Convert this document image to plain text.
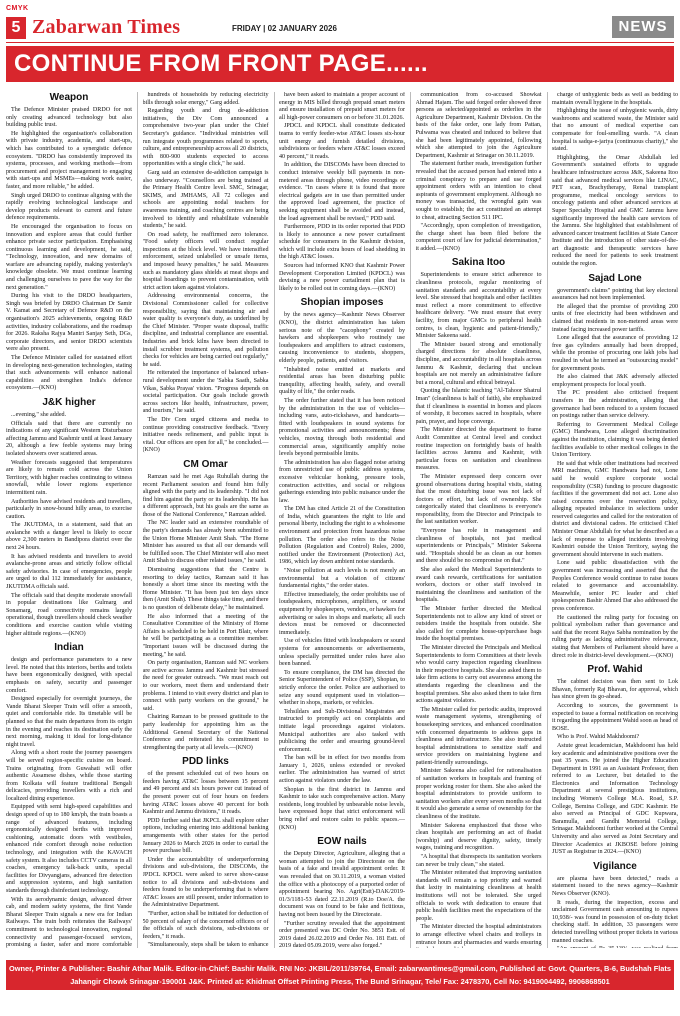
CMYK
5 Zabarwan Times	FRIDAY | 02 JANUARY 2026	NEWS
CONTINUE FROM FRONT PAGE......
Weapon

The Defence Minister praised DRDO for not only creating advanced technology but also building public trust.

He highlighted the organisation's collaboration with private industry, academia, and start-ups, which has contributed to a synergistic defence ecosystem. "DRDO has consistently improved its systems, processes, and working methods—from procurement and project management to engaging with start-ups and MSMEs—making work easier, faster, and more reliable," he added.

Singh urged DRDO to continue aligning with the rapidly evolving technological landscape and develop products relevant to current and future defence requirements.

He encouraged the organisation to focus on innovation and explore areas that could further enhance private sector participation. Emphasising continuous learning and development, he said, "Technology, innovation, and new domains of warfare are advancing rapidly, making yesterday's knowledge obsolete. We must continue learning and challenging ourselves to pave the way for the next generation."

During his visit to the DRDO headquarters, Singh was briefed by DRDO Chairman Dr Samir V. Kamat and Secretary of Defence R&D on the organisation's 2025 achievements, ongoing R&D activities, industry collaborations, and the roadmap for 2026. Raksha Rajya Mantri Sanjay Seth, DGs, corporate directors, and senior DRDO scientists were also present.

The Defence Minister called for sustained effort in developing next-generation technologies, stating that such advancements will enhance national capabilities and strengthen India's defence ecosystem.—(KNO)

J&K higher

...evening," she added.

Officials said that there are currently no indications of any significant Western Disturbance affecting Jammu and Kashmir until at least January 20, although a few feeble systems may bring isolated showers over scattered areas.

Weather forecasts suggested that temperatures are likely to remain cold across the Union Territory, with higher reaches continuing to witness snowfall, while lower regions experience intermittent rain.

Authorities have advised residents and travellers, particularly in snow-bound hilly areas, to exercise caution.

The JKUTDMA, in a statement, said that an avalanche with a danger level is likely to occur above 2,300 meters in Bandipora district over the next 24 hours.

It has advised residents and travellers to avoid avalanche-prone areas and strictly follow official safety advisories. In case of emergencies, people are urged to dial 112 immediately for assistance, JKUTDMA officials said.

The officials said that despite moderate snowfall in popular destinations like Gulmarg and Sonamarg, road connectivity remains largely operational, though travellers should check weather conditions and exercise caution while visiting higher altitude regions.—(KNO)

Indian

design and performance parameters to a new level. He noted that this interiors, berths and toilets have been ergonomically designed, with special emphasis on safety, security and passenger comfort.

Designed especially for overnight journeys, the Vande Bharat Sleeper Train will offer a smooth, quiet and comfortable ride. Its timetable will be planned so that the main departures from its origin in the evening and reaches its destination early the next morning, making it ideal for long-distance night travel.

Along with a short route the journey passengers will be served region-specific cuisine on board. Trains originating from Guwahati will offer authentic Assamese dishes, while those starting from Kolkata will feature traditional Bengali delicacies, providing travellers with a rich and localized dining experience.

Equipped with semi high-speed capabilities and design speed of up to 180 km/ph, the train boasts a range of advanced features, including ergonomically designed berths with improved cushioning, automatic doors with vestibules, enhanced ride comfort through noise reduction technology, and integration with the KAVACH safety system. It also includes CCTV cameras in all coaches, emergency talk-back units, special facilities for Divyangjans, advanced fire detection and suppression systems, and high sanitation standards through disinfectant technology.

With its aerodynamic design, advanced driver cab, and modern safety systems, the first Vande Bharat Sleeper Train signals a new era for Indian Railways. The train both reiterates the Railways' commitment to technological innovation, regional connectivity and passenger-focused services, promising a faster, safer and more comfortable

hundreds of households by reducing electricity bills through solar energy," Garg added.

Regarding youth and drug de-addiction initiatives, the Div Com announced a comprehensive two-year plan under the Chief Secretary's guidance. "Individual ministries will run integrate youth programmes related to sports, culture, and entrepreneurship across all 20 districts, with 800-900 students expected to access opportunities with a single click," he said.

Garg said an extensive de-addiction campaign is also underway. "Counsellors are being trained at the Primary Health Centre level. SMC, Srinagar, SKIMS, and JMHAMS, All 72 colleges and schools are appointing nodal teachers for awareness training, and coaching centres are being involved to identify and rehabilitate vulnerable students," he said.

On road safety, he reaffirmed zero tolerance. "Food safety officers will conduct regular inspections at the block level. We have intensified enforcement, seized unlabelled or unsafe items, and imposed heavy penalties," he said. Measures such as mandatory glass shields at meat shops and hospital hoardings to prevent contamination, with strict action taken against violators.

Addressing environmental concerns, the Divisional Commissioner called for collective responsibility, saying that maintaining air and water quality is everyone's duty, as underlined by the Chief Minister. "Proper waste disposal, traffic discipline, and industrial compliance are essential. Industries and brick kilns have been directed to install scrubber treatment systems, and pollution checks for vehicles are being carried out regularly," he said.

He reiterated the importance of balanced urban-rural development under the 'Sabka Saath, Sabka Vikas, Sabka Prayas' vision. "Progress depends on societal participation. Our goals include growth across sectors like health, infrastructure, power, and tourism," he said.

The Div Com urged citizens and media to continue providing constructive feedback. "Every initiative needs refinement, and public input is vital. Our offices are open for all," he concluded.—(KNO)

CM Omar

Ramzan said he met Aga Ruhullah during the recent Parliament session and found him fully aligned with the party and its leadership. "I did not find him against the party or its leadership. He has a different approach, but his goals are the same as those of the National Conference," Ramzan added.

The NC leader said an extensive roundtable of the party's demands has already been submitted to the Union Home Minister Amit Shah. "The Home Minister has assured us that all our demands will be fulfilled soon. The Chief Minister will also meet Amit Shah to discuss other related issues," he said.

Dismissing suggestions that the Centre is resorting to delay tactics, Ramzan said it has honestly a short time since its meeting with the Home Minister. "It has been just ten days since then (Amit Shah). These things take time, and there is no question of deliberate delay," he maintained.

He also informed that a meeting of the Consultative Committee of the Ministry of Home Affairs is scheduled to be held in Port Blair, where he will be participating as a committee member. "Important issues will be discussed during the meeting," he said.

On party organisation, Ramzan said NC workers are active across Jammu and Kashmir but stressed the need for greater outreach. "We must reach out to our workers, meet them and understand their problems. I intend to visit every district and plan to connect with party workers on the ground," he said.

Chairing Ramzan to be pressed gratitude to the party leadership for appointing him as the Additional General Secretary of the National Conference and reiterated his commitment to strengthening the party at all levels.—(KNO)

PDD links

of the present scheduled cut of two hours on feeders having AT&C losses between 15 percent and 49 percent and six hours power cut instead of the present power cut of four hours on feeders having AT&C losses above 40 percent for both Kashmir and Jammu divisions," it reads.

PDD further said that JKPCL shall explore other options, including entering into additional banking arrangements with other states for the period January 2026 to March 2026 in order to curtail the power purchase bill.

Under the accountability of underperforming divisions and sub-divisions, the DISCOMs, the JPDCL KPDCL were asked to serve show-cause notice to all divisions and sub-divisions and feeders found to be underperforming that is where AT&C losses are still present, under information to the Administrative Department.

"Further, action shall be initiated for deduction of 50 percent of salary of the concerned officers or of the officials of such divisions, sub-divisions or feeders," it reads.

"Simultaneously, steps shall be taken to enhance

have been asked to maintain a proper account of energy in MIS billed through prepaid smart meters and ensure installation of prepaid smart meters for all high-power consumers on or before 31.01.2026.

JPDCL and KPDCL shall constitute dedicated teams to verify feeder-wise AT&C losses six-hour unit energy and furnish detailed divisions, subdivisions or feeders where AT&C losses exceed 40 percent," it reads.

In addition, the DISCOMs have been directed to conduct intensive weekly bill payments in non-metered areas through phone, video recordings or evidence. "In cases where it is found that more electrical gadgets are in use than permitted under the approved load agreement, the practice of seeking equipment shall be avoided and instead, the load agreement shall be revised," PDD said.

Furthermore, PDD in its order reported that PDD is likely to announce a new power curtailment schedule for consumers in the Kashmir division, which will include extra hours of load shedding in the high AT&C losses.

Sources had informed KNO that Kashmir Power Development Corporation Limited (KPDCL) was devising a new power curtailment plan that is likely to be rolled out in coming days.—(KNO)

Shopian imposes

by the news agency—Kashmir News Observer (KNO), the district administration has taken serious note of the "cacophony" created by hawkers and shopkeepers who routinely use loudspeakers and amplifiers to attract customers, causing inconvenience to students, shoppers, elderly people, patients, and visitors.

"Inhabited noise emitted at markets and residential areas has been disturbing public tranquility, affecting health, safety, and overall quality of life," the order reads.

The order further stated that it has been noticed by the administration in the use of vehicles—including vans, auto-rickshaws, and handcarts—fitted with loudspeakers in sound systems for promotional activities and announcements; these vehicles, moving through both residential and commercial areas, significantly amplify noise levels beyond permissible limits.

The administration has also flagged noise arising from unrestricted use of public address systems, excessive vehicular honking, pressure tools, construction activities, and social or religious gatherings extending into public nuisance under the law.

The DM has cited Article 21 of the Constitution of India, which guarantees the right to life and personal liberty, including the right to a wholesome environment and protection from hazardous noise pollution. The order also refers to the Noise Pollution (Regulation and Control) Rules, 2000, notified under the Environment (Protection) Act, 1986, which lay down ambient noise standards.

"Noise pollution at such levels is not merely an environmental but a violation of citizens' fundamental rights," the order states.

Effective immediately, the order prohibits use of loudspeakers, microphones, amplifiers, or sound equipment by shopkeepers, vendors, or hawkers for advertising or sales in shops and markets; all such devices must be removed or disconnected immediately.

Use of vehicles fitted with loudspeakers or sound systems for announcements or advertisements, unless specially permitted under rules have also been banned.

To ensure compliance, the DM has directed the Senior Superintendent of Police (SSP), Shopian, to strictly enforce the order. Police are authorised to seize any sound equipment used in violation—whether in shops, markets, or vehicles.

Tehsildars and Sub-Divisional Magistrates are instructed to promptly act on complaints and initiate legal proceedings against violators. Municipal authorities are also tasked with publicising the order and ensuring ground-level enforcement.

The ban will be in effect for two months from January 1, 2026, unless extended or revoked earlier. The administration has warned of strict action against violators under the law.

Shopian is the first district in Jammu and Kashmir to take such comprehensive action. Many residents, long troubled by unbearable noise levels, have expressed hope that strict enforcement will bring relief and restore calm to public spaces.—(KNO)

EOW nails

the Deputy Director, Agriculture, alleging that a woman attempted to join the Directorate on the basis of a fake and invalid appointment order. It was revealed that on 30.11.2019, a woman visited the office with a photocopy of a purported order of appointment bearing No. Agri(Estt)-DAK/2019-01/3/1181-53 dated 22.11.2019 (R.to Doe/A. the document was on found to be fake and fictitious, having not been issued by the Directorate.

"Further scrutiny revealed that the appointment order presented was DC Order No. 3851 Estt. of 2019 dated 26.02.2019 and Order No. 181 Estt. of 2019 dated 05.09.2019, were also forged."

communication from co-accused Showkat Ahmad Hajam. The said forged order showed three persons as selected/appointed as orderlies in the Agriculture Department, Kashmir Division. On the basis of the fake order, one lady from Pattan, Pulwama was cheated and induced to believe that she had been legitimately appointed, following which she attempted to join the Agriculture Department, Kashmir at Srinagar on 30.11.2019.

The statement further reads, investigation further revealed that the accused person had entered into a criminal conspiracy to prepare and use forged appointment orders with an intention to cheat aspirants of government employment. Although no money was transacted, the wrongful gain was sought to establish; the act constituted an attempt to cheat, attracting Section 511 IPC.

"Accordingly, upon completion of investigation, the charge sheet has been filed before the competent court of law for judicial determination," it added.—(KNO)

Sakina Itoo

Superintendents to ensure strict adherence to cleanliness protocols, regular monitoring of sanitation standards and accountability at every level. She stressed that hospitals and other facilities must reflect a more commitment to effective healthcare delivery. "We must ensure that every facility, from major GMCs to peripheral health centres, is clean, hygienic and patient-friendly," Minister Sakeena said.

The Minister issued strong and emotionally charged directions for absolute cleanliness, discipline, and accountability in all hospitals across Jammu & Kashmir, declaring that unclean hospitals are not merely an administrative failure but a moral, cultural and ethical betrayal.

Quoting the Islamic teaching "Al-Tahoor Shatrul Iman" (cleanliness is half of faith), she emphasized that if cleanliness is essential in homes and places of worship, it becomes sacred in hospitals, where pain, prayer, and hope converge.

The Minister directed the department to frame Audit Committee at Central level and conduct routine inspection on fortnightly basis of health facilities across Jammu and Kashmir, with particular focus on sanitation and cleanliness measures.

The Minister expressed deep concern over ground observations during hospital visits, stating that the most disturbing issue was not lack of doctors or effort, but lack of ownership. She categorically stated that cleanliness is everyone's responsibility, from the Director and Principals to the last sanitation worker.

"Everyone has role in management and cleanliness of hospitals, not just medical superintendents or Principals," Minister Sakeena said. "Hospitals should be as clean as our homes and there should be no compromise on that."

She also asked the Medical Superintendents to award cash rewards, certifications for sanitation workers, doctors or other staff involved in maintaining the cleanliness and sanitation of the hospitals.

The Minister further directed the Medical Superintendents not to allow any kind of street or outsiders inside the hospitals from outside. She also called for complete house-up/purchase bags inside the hospital premises.

The Minister directed the Principals and Medical Superintendents to form Committees at their levels who would carry inspection regarding cleanliness in their respective hospitals. She also asked them to take firm actions to carry out awareness among the attendants regarding the cleanliness and the hospital premises. She also asked them to take firm actions against violators.

The Minister called for periodic audits, improved waste management systems, strengthening of housekeeping services, and enhanced coordination with concerned departments to address gaps in cleanliness and infrastructure. She also instructed hospital administrations to sensitize staff and service providers on maintaining hygiene and patient-friendly surroundings.

Minister Sakeena also called for rationalisation of sanitation workers in hospitals and framing of proper working roster for them. She also asked the hospital administrators to provide uniform to sanitation workers after every seven months so that it would also generate a sense of ownership for the cleanliness of the institute.

Minister Sakeena emphasized that those who clean hospitals are performing an act of ibadat (worship) and deserve dignity, safety, timely wages, training and recognition.

"A hospital that disrespects its sanitation workers can never be truly clean," she stated.

The Minister reiterated that improving sanitation standards will remain a top priority and warned that laxity in maintaining cleanliness at health institutions will not be tolerated. She urged officials to work with dedication to ensure that public health facilities meet the expectations of the people.

The Minister directed the hospital administrators to arrange effective wheel chairs and trolleys in entrance hours and pharmacies and wards ensuring

charge of unhygienic beds as well as bedding to maintain overall hygiene in the hospitals.

Highlighting the issue of unhygienic wards, dirty washrooms and scattered waste, the Minister said that no amount of medical expertise can compensate for foul-smelling wards. "A clean hospital is sadqa-e-jariya (continuous charity)," she stated.

Highlighting, the Omar Abdullah led Government's sustained efforts to upgrade healthcare infrastructure across J&K, Sakeena Itoo said that advanced medical services like LINAC, PET scan, Brachytherapy, Renal transplant programme, medical oncology services to oncology patients and other advanced services at Super Specialty Hospital and GMC Jammu have significantly improved the health care services of the Jammu. She highlighted that establishment of advanced cancer treatment facilities at State Cancer Institute and the introduction of other state-of-the-art diagnostic and therapeutic services have reduced the need for patients to seek treatment outside the region.

Sajad Lone

government's claims" pointing that key electoral assurances had not been implemented.

He alleged that the promise of providing 200 units of free electricity had been withdrawn and claimed that residents in non-metered areas were instead facing increased power tariffs.

Lone alleged that the assurance of providing 12 free gas cylinders annually had been dropped, while the promise of procuring one lakh jobs had resulted in what he termed an "outsourcing model" for government posts.

He also claimed that J&K adversely affected employment prospects for local youth.

The PC president also criticised frequent transfers in the administration, alleging that governance had been reduced to a system focused on postings rather than service delivery.

Referring to Government Medical College (GMC) Handwara, Lone alleged discrimination against the institution, claiming it was being denied facilities available to other medical colleges in the Union Territory.

He said that while other institutions had received MRI machines, GMC Handwara had not, Lone said he would explore corporate social responsibility (CSR) funding to procure diagnostic facilities if the government did not act. Lone also raised concerns over the reservation policy, alleging repeated imbalance in selections under reserved categories and called for the restoration of district and divisional cadres. He criticised Chief Minister Omar Abdullah for what he described as a lack of response to alleged incidents involving Kashmiri outside the Union Territory, saying the government should intervene in such matters.

Lone said public dissatisfaction with the government was increasing and asserted that the Peoples Conference would continue to raise issues related to governance and accountability. Meanwhile, senior PC leader and chief spokesperson Bashir Ahmed Dar also addressed the press conference.

He cautioned the ruling party for focusing on political symbolism rather than governance and said that the recent Rajya Sabha nomination by the ruling party as lacking administrative relevance, stating that Members of Parliament should have a direct role in district-level development.—(KNO)

Prof. Wahid

The cabinet decision was then sent to Lok Bhavan, formerly Raj Bhavan, for approval, which has since given its go-ahead.

According to sources, the government is expected to issue a formal notification on receiving it regarding the appointment Wahid soon as head of BOSE.

Who is Prof. Wahid Makhdoomi?

Astute great lecademician, Makhdoomi has held key academic and administrative positions over the past 35 years. He joined the Higher Education Department in 1991 as an Assistant Professor, then referred to as Lecturer, but detailed to the Electronics and Information Technology Department at several prestigious institutions, including Women's College M.A. Road, S.P. College, Bemina College, and GDC Kashmir. He also served as Principal of GDC Kupwara, Baramulla, and Gandhi Memorial College, Srinagar. Makhdoomi further worked at the Central University and also served as Joint Secretary and Director Academics at JKBOSE before joining JUST as Registrar in 2024.—(KNO)

Vigilance

are plasma have been detected," reads a statement issued to the news agency—Kashmir News Observer (KNO).

It reads, during the inspection, excess and unclaimed Government cash amounting to rupees 10,938/- was found in possession of on-duty ticket checking staff. In addition, 33 passengers were detected travelling without proper tickets in various manned coaches.

Owner, Printer & Publisher: Bashir Athar Malik. Editor-in-Chief: Bashir Malik. RNI No: JKBIL/2011/39764, Email: zabarwantimes@gmail.com, Published at: Govt. Quarters, B-6, Budshah Flats
Jahangir Chowk Srinagar-190001 J&K. Printed at: Khidmat Offset Printing Press, The Bund Srinagar, Tele/ Fax: 2478370, Cell No: 9419004492, 9906868501
